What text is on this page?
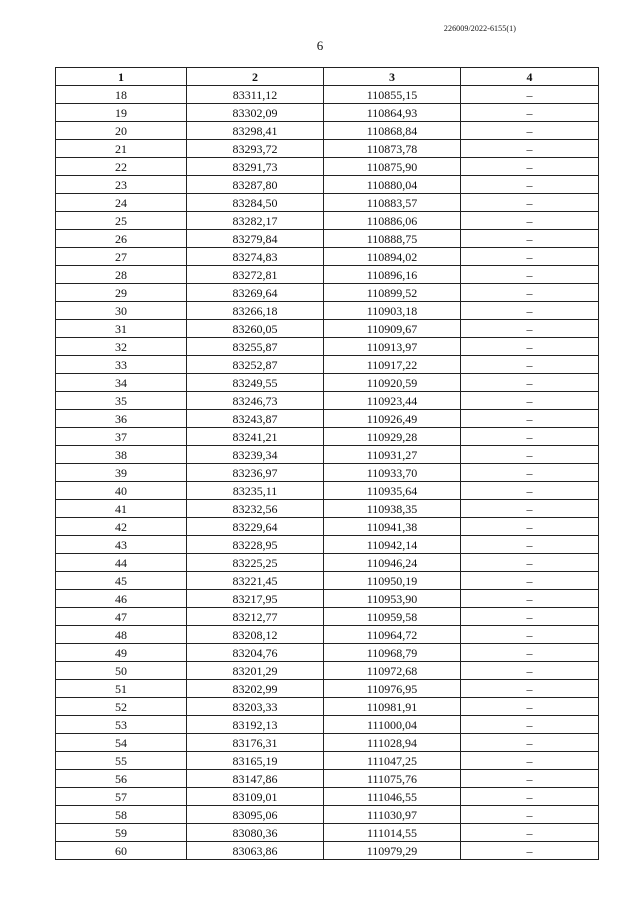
226009/2022-6155(1)
6
1	2	3	4
18	83311,12	110855,15	–
19	83302,09	110864,93	–
20	83298,41	110868,84	–
21	83293,72	110873,78	–
22	83291,73	110875,90	–
23	83287,80	110880,04	–
24	83284,50	110883,57	–
25	83282,17	110886,06	–
26	83279,84	110888,75	–
27	83274,83	110894,02	–
28	83272,81	110896,16	–
29	83269,64	110899,52	–
30	83266,18	110903,18	–
31	83260,05	110909,67	–
32	83255,87	110913,97	–
33	83252,87	110917,22	–
34	83249,55	110920,59	–
35	83246,73	110923,44	–
36	83243,87	110926,49	–
37	83241,21	110929,28	–
38	83239,34	110931,27	–
39	83236,97	110933,70	–
40	83235,11	110935,64	–
41	83232,56	110938,35	–
42	83229,64	110941,38	–
43	83228,95	110942,14	–
44	83225,25	110946,24	–
45	83221,45	110950,19	–
46	83217,95	110953,90	–
47	83212,77	110959,58	–
48	83208,12	110964,72	–
49	83204,76	110968,79	–
50	83201,29	110972,68	–
51	83202,99	110976,95	–
52	83203,33	110981,91	–
53	83192,13	111000,04	–
54	83176,31	111028,94	–
55	83165,19	111047,25	–
56	83147,86	111075,76	–
57	83109,01	111046,55	–
58	83095,06	111030,97	–
59	83080,36	111014,55	–
60	83063,86	110979,29	–
